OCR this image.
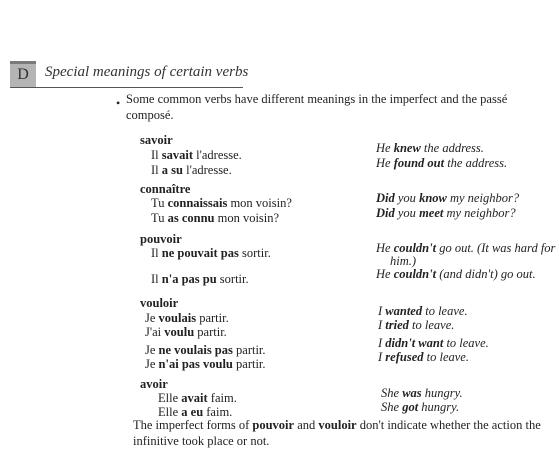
D	Special meanings of certain verbs
• Some common verbs have different meanings in the imperfect and the passé composé.
savoir
Il savait l'adresse.
Il a su l'adresse.
He knew the address.
He found out the address.
connaître
Tu connaissais mon voisin?
Tu as connu mon voisin?
Did you know my neighbor?
Did you meet my neighbor?
pouvoir
Il ne pouvait pas sortir.
Il n'a pas pu sortir.
He couldn't go out. (It was hard for
him.)
He couldn't (and didn't) go out.
vouloir
Je voulais partir.
J'ai voulu partir.
Je ne voulais pas partir.
Je n'ai pas voulu partir.
I wanted to leave.
I tried to leave.
I didn't want to leave.
I refused to leave.
avoir
Elle avait faim.
Elle a eu faim.
She was hungry.
She got hungry.
The imperfect forms of pouvoir and vouloir don't indicate whether the action the infinitive took place or not.
